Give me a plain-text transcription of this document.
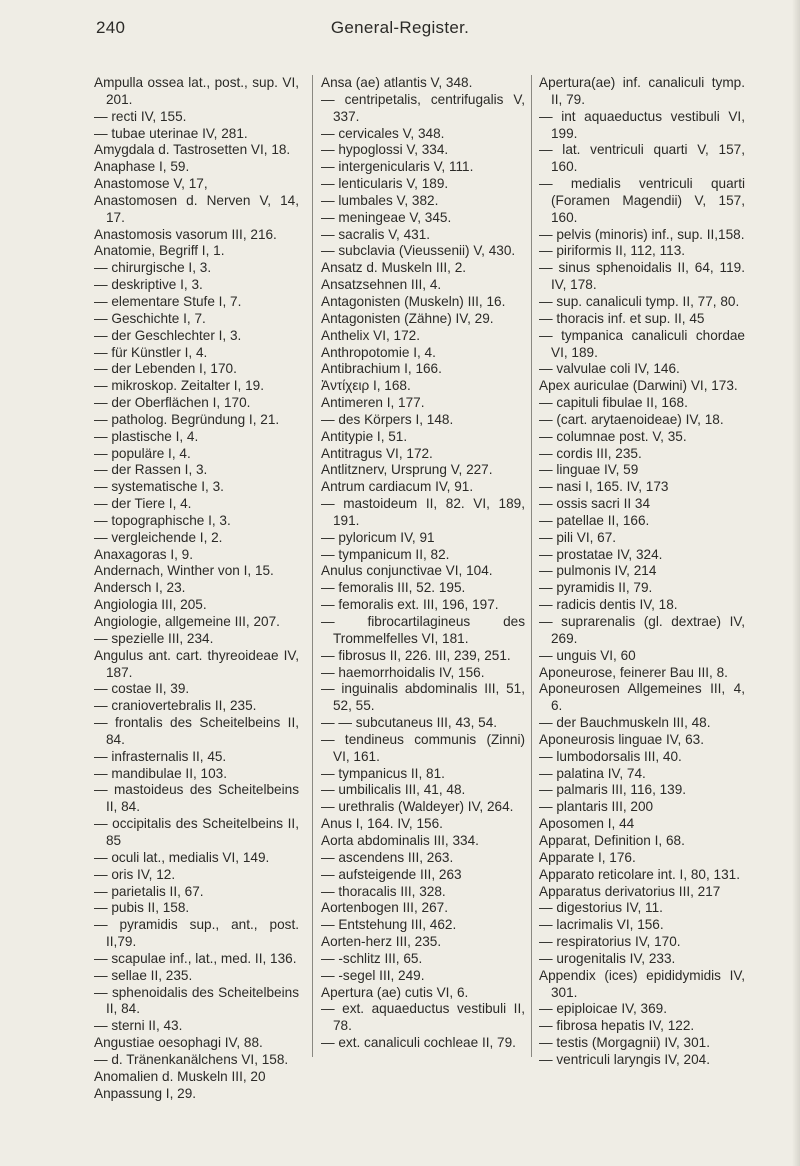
240	General-Register.

Ampulla ossea lat., post., sup. VI, 201.

— recti IV, 155.

— tubae uterinae IV, 281.

Amygdala d. Tastrosetten VI, 18.

Anaphase I, 59.

Anastomose V, 17,

Anastomosen d. Nerven V, 14, 17.

Anastomosis vasorum III, 216.

Anatomie, Begriff I, 1.

— chirurgische I, 3.

— deskriptive I, 3.

— elementare Stufe I, 7.

— Geschichte I, 7.

— der Geschlechter I, 3.

— für Künstler I, 4.

— der Lebenden I, 170.

— mikroskop. Zeitalter I, 19.

— der Oberflächen I, 170.

— patholog. Begründung I, 21.

— plastische I, 4.

— populäre I, 4.

— der Rassen I, 3.

— systematische I, 3.

— der Tiere I, 4.

— topographische I, 3.

— vergleichende I, 2.

Anaxagoras I, 9.

Andernach, Winther von I, 15.

Andersch I, 23.

Angiologia III, 205.

Angiologie, allgemeine III, 207.

— spezielle III, 234.

Angulus ant. cart. thyreoideae IV, 187.

— costae II, 39.

— craniovertebralis II, 235.

— frontalis des Scheitelbeins II, 84.

— infrasternalis II, 45.

— mandibulae II, 103.

— mastoideus des Scheitelbeins II, 84.

— occipitalis des Scheitelbeins II, 85

— oculi lat., medialis VI, 149.

— oris IV, 12.

— parietalis II, 67.

— pubis II, 158.

— pyramidis sup., ant., post. II,79.

— scapulae inf., lat., med. II, 136.

— sellae II, 235.

— sphenoidalis des Scheitelbeins II, 84.

— sterni II, 43.

Angustiae oesophagi IV, 88.

— d. Tränenkanälchens VI, 158.

Anomalien d. Muskeln III, 20

Anpassung I, 29.

Ansa (ae) atlantis V, 348.

— centripetalis, centrifugalis V, 337.

— cervicales V, 348.

— hypoglossi V, 334.

— intergenicularis V, 111.

— lenticularis V, 189.

— lumbales V, 382.

— meningeae V, 345.

— sacralis V, 431.

— subclavia (Vieussenii) V, 430.

Ansatz d. Muskeln III, 2.

Ansatzsehnen III, 4.

Antagonisten (Muskeln) III, 16.

Antagonisten (Zähne) IV, 29.

Anthelix VI, 172.

Anthropotomie I, 4.

Antibrachium I, 166.

Ἀντίχειρ I, 168.

Antimeren I, 177.

— des Körpers I, 148.

Antitypie I, 51.

Antitragus VI, 172.

Antlitznerv, Ursprung V, 227.

Antrum cardiacum IV, 91.

— mastoideum II, 82. VI, 189, 191.

— pyloricum IV, 91

— tympanicum II, 82.

Anulus conjunctivae VI, 104.

— femoralis III, 52. 195.

— femoralis ext. III, 196, 197.

— fibrocartilagineus des Trommelfelles VI, 181.

— fibrosus II, 226. III, 239, 251.

— haemorrhoidalis IV, 156.

— inguinalis abdominalis III, 51, 52, 55.

— — subcutaneus III, 43, 54.

— tendineus communis (Zinni) VI, 161.

— tympanicus II, 81.

— umbilicalis III, 41, 48.

— urethralis (Waldeyer) IV, 264.

Anus I, 164. IV, 156.

Aorta abdominalis III, 334.

— ascendens III, 263.

— aufsteigende III, 263

— thoracalis III, 328.

Aortenbogen III, 267.

— Entstehung III, 462.

Aorten-herz III, 235.

— -schlitz III, 65.

— -segel III, 249.

Apertura (ae) cutis VI, 6.

— ext. aquaeductus vestibuli II, 78.

— ext. canaliculi cochleae II, 79.

Apertura(ae) inf. canaliculi tymp. II, 79.

— int aquaeductus vestibuli VI, 199.

— lat. ventriculi quarti V, 157, 160.

— medialis ventriculi quarti (Foramen Magendii) V, 157, 160.

— pelvis (minoris) inf., sup. II,158.

— piriformis II, 112, 113.

— sinus sphenoidalis II, 64, 119. IV, 178.

— sup. canaliculi tymp. II, 77, 80.

— thoracis inf. et sup. II, 45

— tympanica canaliculi chordae VI, 189.

— valvulae coli IV, 146.

Apex auriculae (Darwini) VI, 173.

— capituli fibulae II, 168.

— (cart. arytaenoideae) IV, 18.

— columnae post. V, 35.

— cordis III, 235.

— linguae IV, 59

— nasi I, 165. IV, 173

— ossis sacri II 34

— patellae II, 166.

— pili VI, 67.

— prostatae IV, 324.

— pulmonis IV, 214

— pyramidis II, 79.

— radicis dentis IV, 18.

— suprarenalis (gl. dextrae) IV, 269.

— unguis VI, 60

Aponeurose, feinerer Bau III, 8.

Aponeurosen Allgemeines III, 4, 6.

— der Bauchmuskeln III, 48.

Aponeurosis linguae IV, 63.

— lumbodorsalis III, 40.

— palatina IV, 74.

— palmaris III, 116, 139.

— plantaris III, 200

Aposomen I, 44

Apparat, Definition I, 68.

Apparate I, 176.

Apparato reticolare int. I, 80, 131.

Apparatus derivatorius III, 217

— digestorius IV, 11.

— lacrimalis VI, 156.

— respiratorius IV, 170.

— urogenitalis IV, 233.

Appendix (ices) epididymidis IV, 301.

— epiploicae IV, 369.

— fibrosa hepatis IV, 122.

— testis (Morgagnii) IV, 301.

— ventriculi laryngis IV, 204.
